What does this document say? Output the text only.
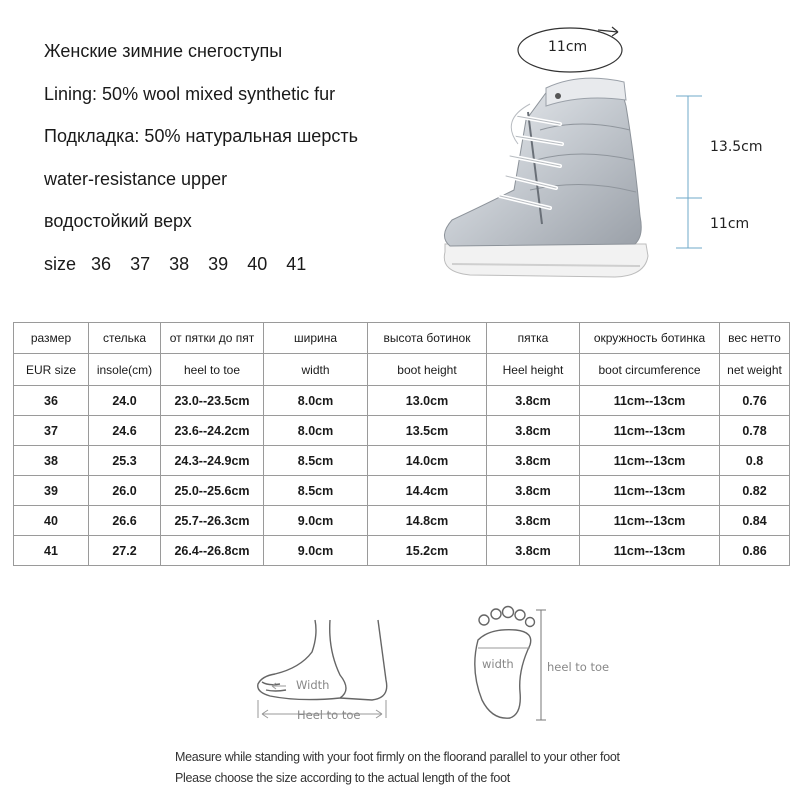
Женские зимние снегоступы
Lining: 50% wool mixed synthetic fur
Подкладка: 50% натуральная шерсть
water-resistance upper
водостойкий верх
size 36 37 38 39 40 41
11cm
13.5cm
11cm
размер	стелька	от пятки до пят	ширина	высота ботинок	пятка	окружность ботинка	вес нетто
EUR size	insole(cm)	heel to toe	width	boot height	Heel height	boot circumference	net weight
36	24.0	23.0--23.5cm	8.0cm	13.0cm	3.8cm	11cm--13cm	0.76
37	24.6	23.6--24.2cm	8.0cm	13.5cm	3.8cm	11cm--13cm	0.78
38	25.3	24.3--24.9cm	8.5cm	14.0cm	3.8cm	11cm--13cm	0.8
39	26.0	25.0--25.6cm	8.5cm	14.4cm	3.8cm	11cm--13cm	0.82
40	26.6	25.7--26.3cm	9.0cm	14.8cm	3.8cm	11cm--13cm	0.84
41	27.2	26.4--26.8cm	9.0cm	15.2cm	3.8cm	11cm--13cm	0.86
Width
Heel to toe
width	heel to toe
Measure while standing with your foot firmly on the floorand parallel to your other foot
Please choose the size according to the actual length of the foot
